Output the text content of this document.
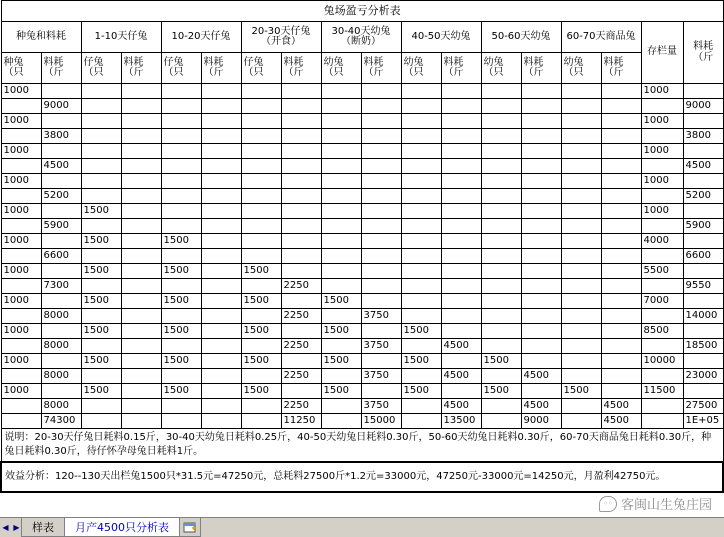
兔场盈亏分析表																	
种兔和料耗		1-10天仔兔		10-20天仔兔		20-30天仔兔（开食）		30-40天幼兔（断奶）		40-50天幼兔		50-60天幼兔		60-70天商品兔		存栏量	料耗（斤
种兔（只	料耗（斤	仔兔（只	料耗（斤	仔兔（只	料耗（斤	仔兔（只	料耗（斤	幼兔（只	料耗（斤	幼兔（只	料耗（斤	幼兔（只	料耗（斤	幼兔（只	料耗（斤		
1000																1000	
	9000																9000
1000																1000	
	3800																3800
1000																1000	
	4500																4500
1000																1000	
	5200																5200
1000		1500														1000	
	5900																5900
1000		1500		1500												4000	
	6600																6600
1000		1500		1500		1500										5500	
	7300						2250										9550
1000		1500		1500		1500		1500								7000	
	8000						2250		3750								14000
1000		1500		1500		1500		1500		1500						8500	
	8000						2250		3750		4500						18500
1000		1500		1500		1500		1500		1500		1500				10000	
	8000						2250		3750		4500		4500				23000
1000		1500		1500		1500		1500		1500		1500		1500		11500	
	8000						2250		3750		4500		4500		4500		27500
	74300						11250		15000		13500		9000		4500		1E+05
说明：20-30天仔兔日耗料0.15斤，30-40天幼兔日耗料0.25斤，40-50天幼兔日耗料0.30斤，50-60天幼兔日耗料0.30斤，60-70天商品兔日耗料0.30斤，种兔日耗料0.30斤，待仔怀孕母兔日耗料1斤。																	
效益分析：120--130天出栏兔1500只*31.5元=47250元，总耗料27500斤*1.2元=33000元，47250元-33000元=14250元，月盈利42750元。																	
◦◦ 客闽山生兔庄园
◀ ▶ 样表 月产4500只分析表
